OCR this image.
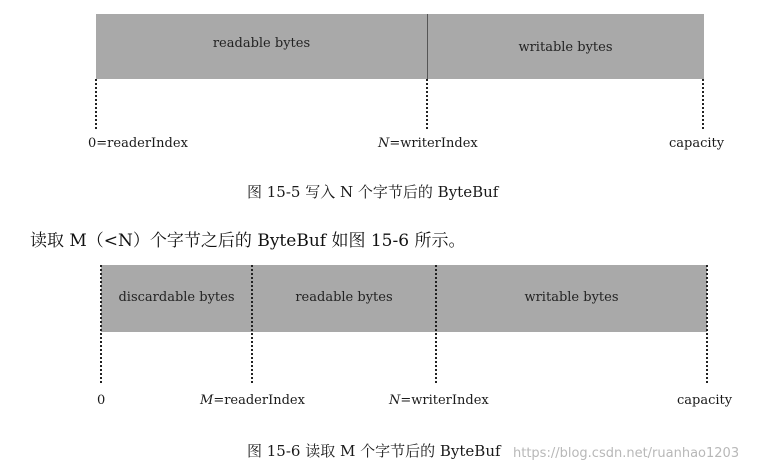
readable bytes	writable bytes
0=readerIndex	N=writerIndex	capacity
图 15-5 写入 N 个字节后的 ByteBuf
读取 M（<N）个字节之后的 ByteBuf 如图 15-6 所示。
discardable bytes	readable bytes	writable bytes
0	M=readerIndex	N=writerIndex	capacity
图 15-6 读取 M 个字节后的 ByteBuf https://blog.csdn.net/ruanhao1203
